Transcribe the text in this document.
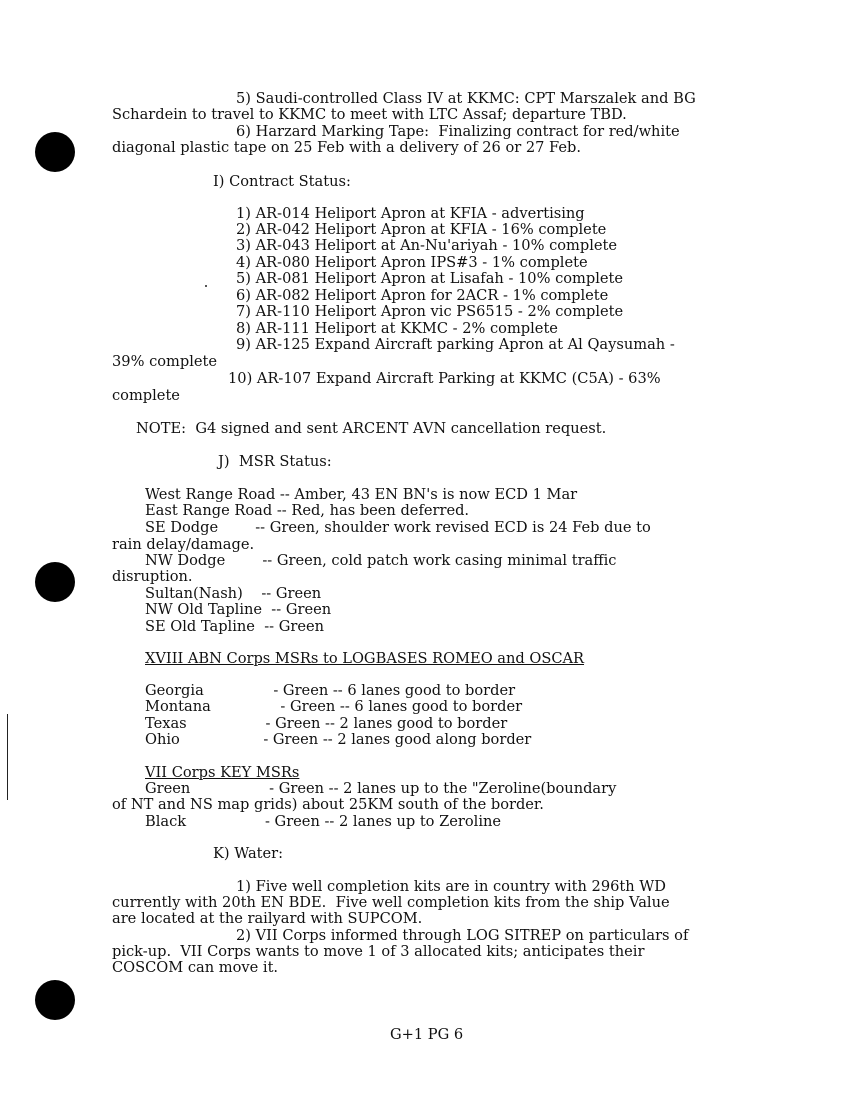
5) Saudi-controlled Class IV at KKMC: CPT Marszalek and BG
Schardein to travel to KKMC to meet with LTC Assaf; departure TBD.
6) Harzard Marking Tape:  Finalizing contract for red/white
diagonal plastic tape on 25 Feb with a delivery of 26 or 27 Feb.
I) Contract Status:
1) AR-014 Heliport Apron at KFIA - advertising
2) AR-042 Heliport Apron at KFIA - 16% complete
3) AR-043 Heliport at An-Nu'ariyah - 10% complete
4) AR-080 Heliport Apron IPS#3 - 1% complete
5) AR-081 Heliport Apron at Lisafah - 10% complete
6) AR-082 Heliport Apron for 2ACR - 1% complete
7) AR-110 Heliport Apron vic PS6515 - 2% complete
8) AR-111 Heliport at KKMC - 2% complete
9) AR-125 Expand Aircraft parking Apron at Al Qaysumah -
39% complete
10) AR-107 Expand Aircraft Parking at KKMC (C5A) - 63%
complete
NOTE:  G4 signed and sent ARCENT AVN cancellation request.
J)  MSR Status:
West Range Road -- Amber, 43 EN BN's is now ECD 1 Mar
East Range Road -- Red, has been deferred.
SE Dodge        -- Green, shoulder work revised ECD is 24 Feb due to
rain delay/damage.
NW Dodge        -- Green, cold patch work casing minimal traffic
disruption.
Sultan(Nash)    -- Green
NW Old Tapline  -- Green
SE Old Tapline  -- Green
XVIII ABN Corps MSRs to LOGBASES ROMEO and OSCAR
Georgia               - Green -- 6 lanes good to border
Montana               - Green -- 6 lanes good to border
Texas                 - Green -- 2 lanes good to border
Ohio                  - Green -- 2 lanes good along border
VII Corps KEY MSRs
Green                 - Green -- 2 lanes up to the "Zeroline(boundary
of NT and NS map grids) about 25KM south of the border.
Black                 - Green -- 2 lanes up to Zeroline
K) Water:
1) Five well completion kits are in country with 296th WD
currently with 20th EN BDE.  Five well completion kits from the ship Value
are located at the railyard with SUPCOM.
2) VII Corps informed through LOG SITREP on particulars of
pick-up.  VII Corps wants to move 1 of 3 allocated kits; anticipates their
COSCOM can move it.
G+1 PG 6
